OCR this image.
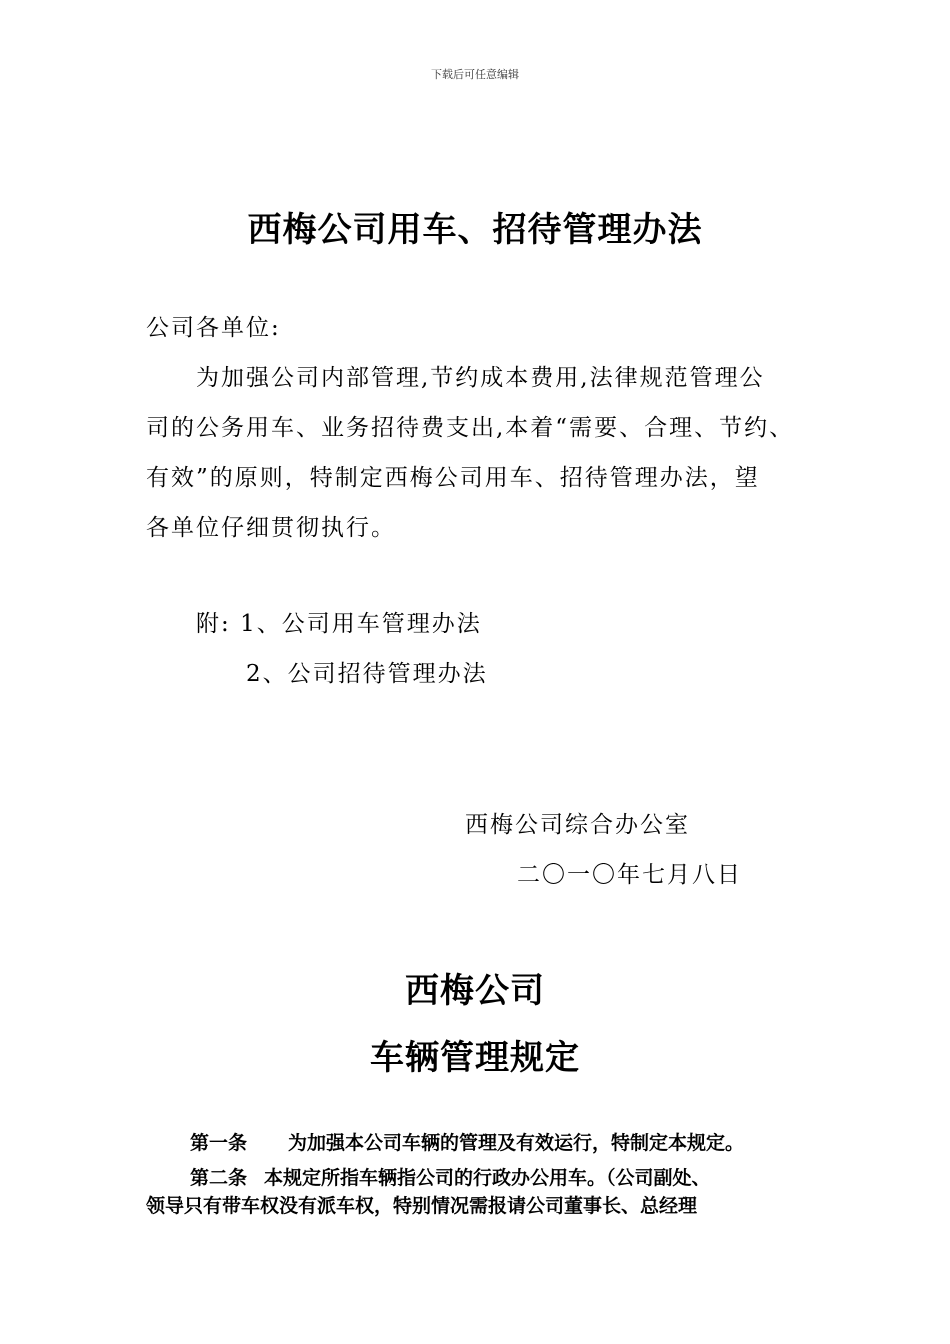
下载后可任意编辑
西梅公司用车、招待管理办法
公司各单位:
为加强公司内部管理,节约成本费用,法律规范管理公
司的公务用车、业务招待费支出,本着“需要、合理、节约、
有效”的原则，特制定西梅公司用车、招待管理办法，望
各单位仔细贯彻执行。
附: 1、公司用车管理办法
2、公司招待管理办法
西梅公司综合办公室
二〇一〇年七月八日
西梅公司
车辆管理规定
第一条 为加强本公司车辆的管理及有效运行，特制定本规定。
第二条 本规定所指车辆指公司的行政办公用车。（公司副处、
领导只有带车权没有派车权，特别情况需报请公司董事长、总经理
